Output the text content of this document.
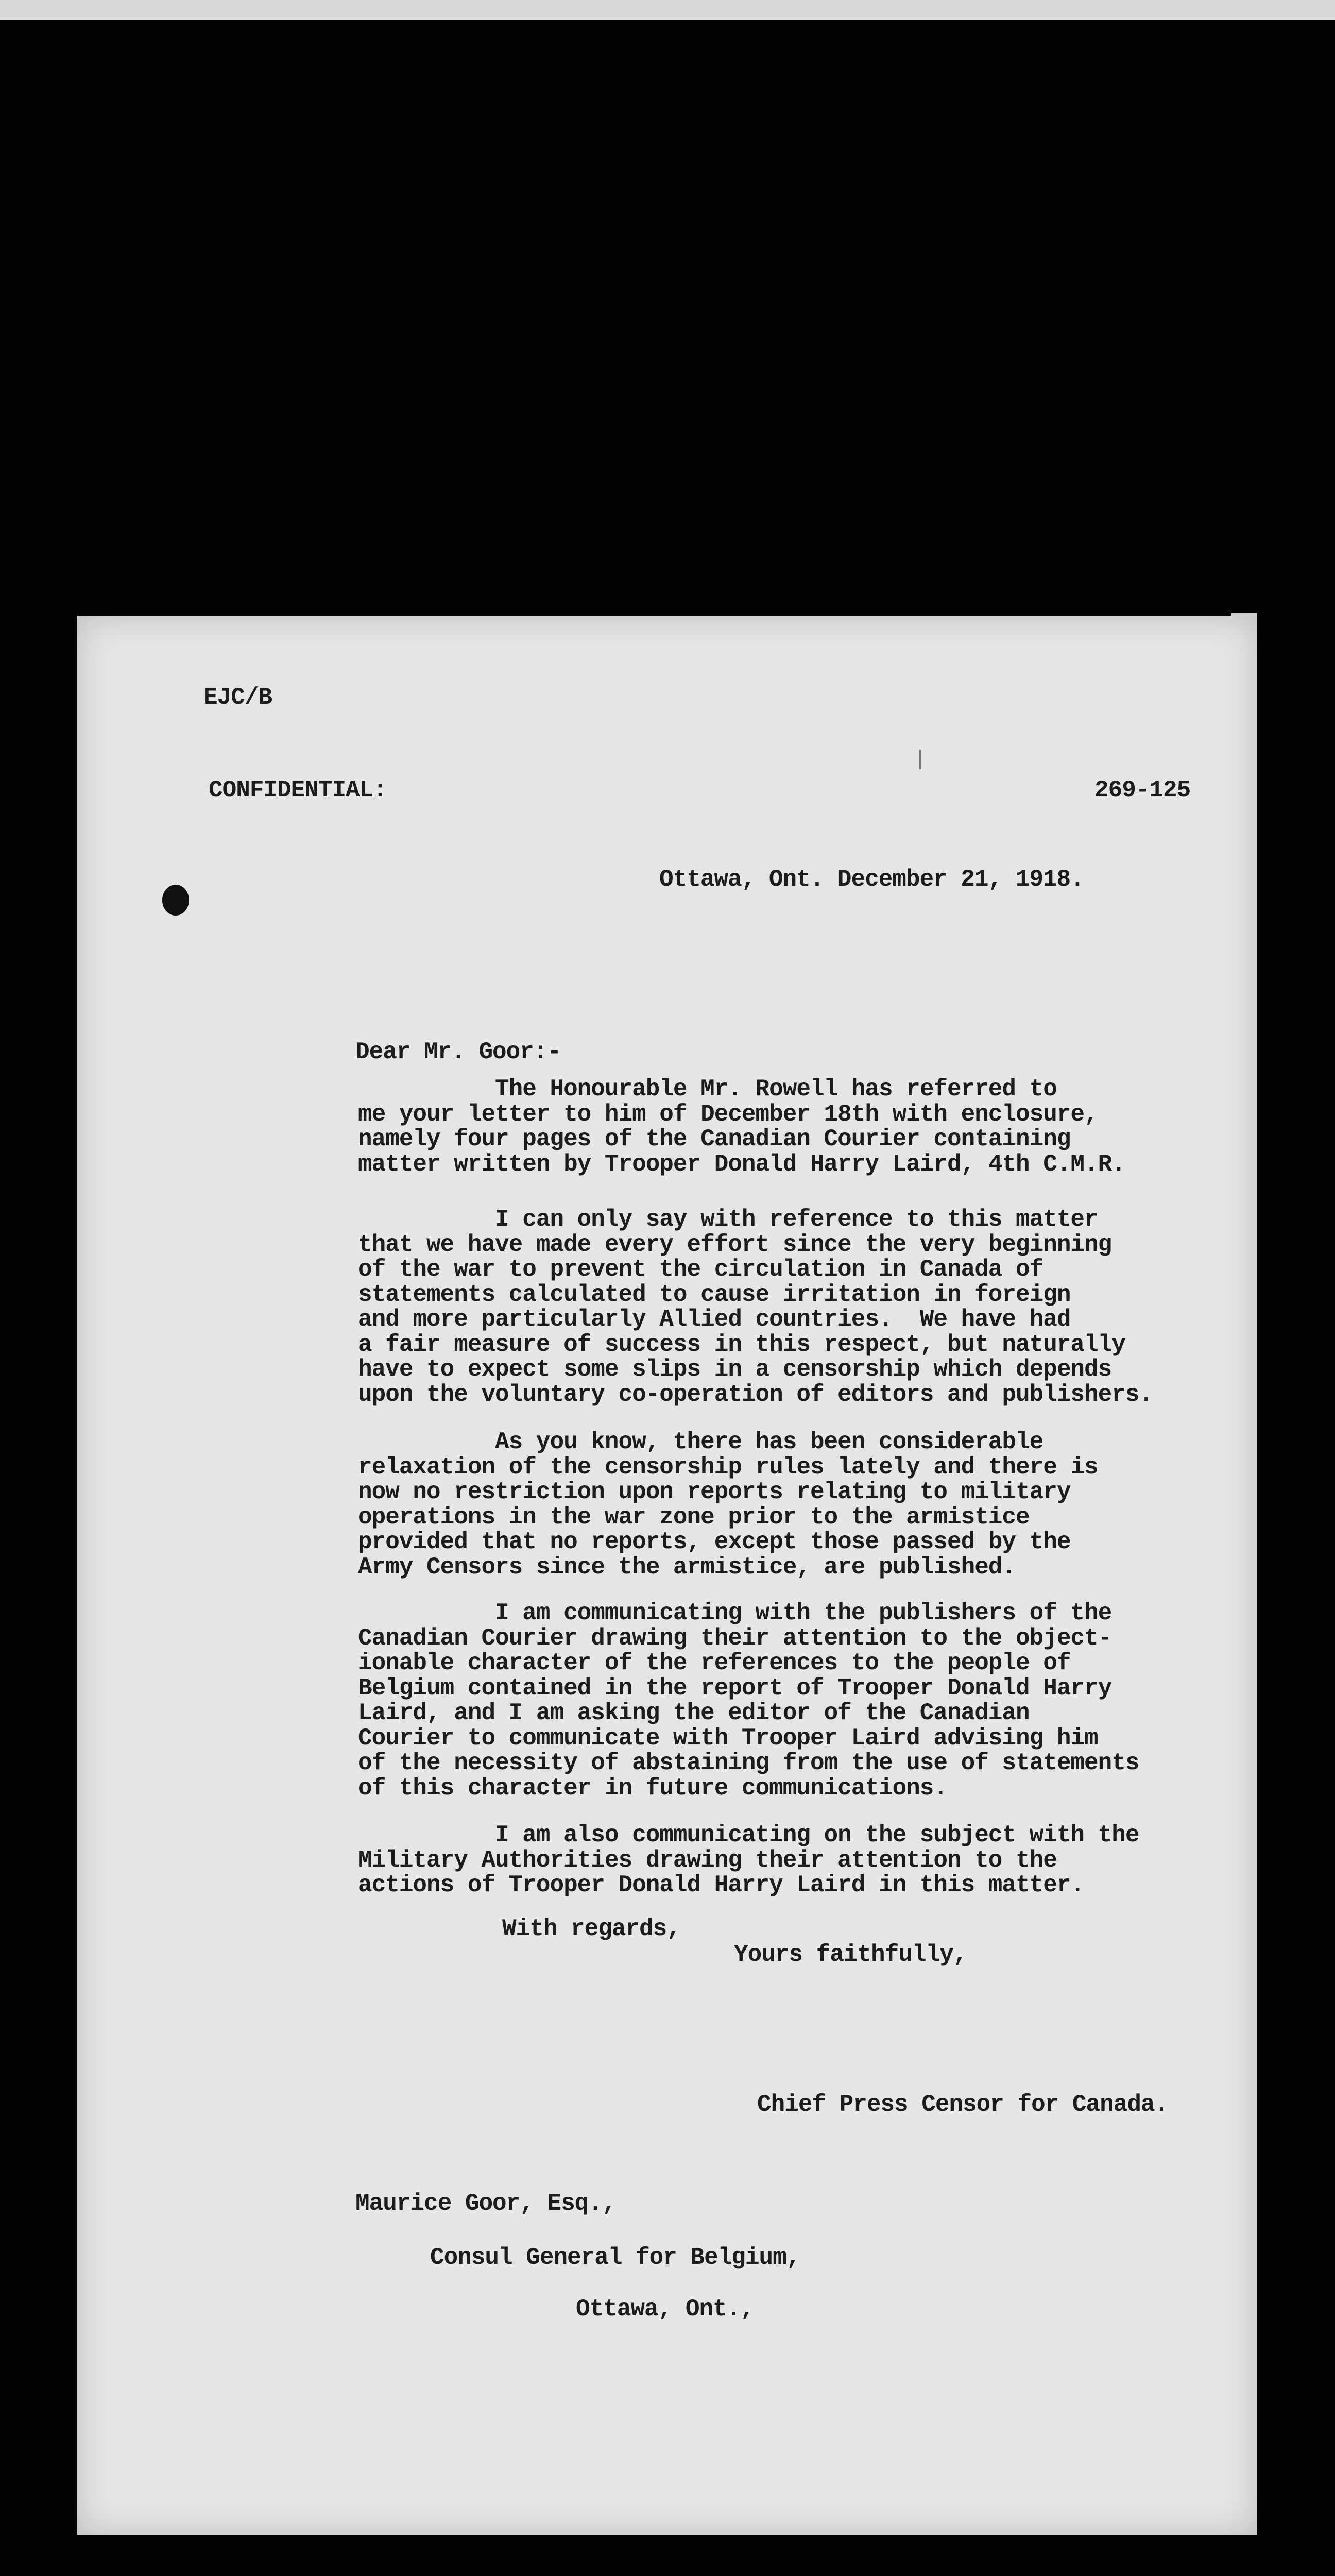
EJC/B
CONFIDENTIAL:	269-125
Ottawa, Ont. December 21, 1918.
Dear Mr. Goor:-

The Honourable Mr. Rowell has referred to

me your letter to him of December 18th with enclosure,

namely four pages of the Canadian Courier containing

matter written by Trooper Donald Harry Laird, 4th C.M.R.

I can only say with reference to this matter

that we have made every effort since the very beginning

of the war to prevent the circulation in Canada of

statements calculated to cause irritation in foreign

and more particularly Allied countries.  We have had

a fair measure of success in this respect, but naturally

have to expect some slips in a censorship which depends

upon the voluntary co-operation of editors and publishers.

As you know, there has been considerable

relaxation of the censorship rules lately and there is

now no restriction upon reports relating to military

operations in the war zone prior to the armistice

provided that no reports, except those passed by the

Army Censors since the armistice, are published.

I am communicating with the publishers of the

Canadian Courier drawing their attention to the object-

ionable character of the references to the people of

Belgium contained in the report of Trooper Donald Harry

Laird, and I am asking the editor of the Canadian

Courier to communicate with Trooper Laird advising him

of the necessity of abstaining from the use of statements

of this character in future communications.

I am also communicating on the subject with the

Military Authorities drawing their attention to the

actions of Trooper Donald Harry Laird in this matter.

With regards,
Yours faithfully,
Chief Press Censor for Canada.
Maurice Goor, Esq.,
Consul General for Belgium,
Ottawa, Ont.,
